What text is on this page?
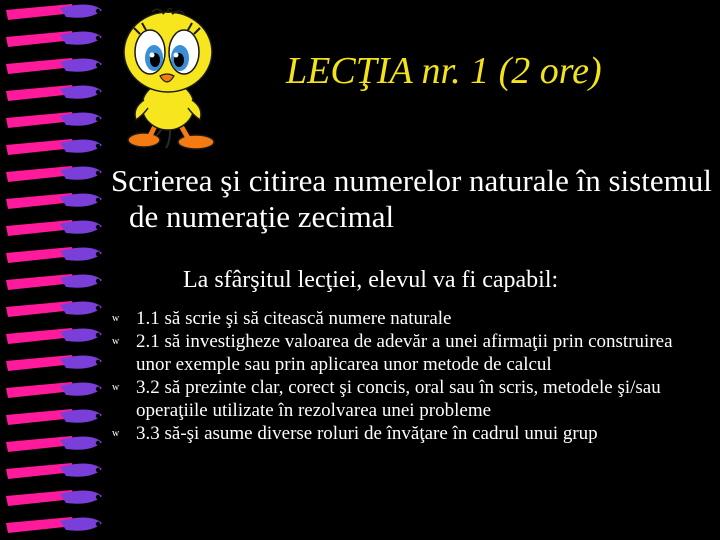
LECŢIA nr. 1 (2 ore)
Scrierea şi citirea numerelor naturale în sistemul de numeraţie zecimal
La sfârşitul lecţiei, elevul va fi capabil:
w 1.1 să scrie şi să citească numere naturale
w 2.1 să investigheze valoarea de adevăr a unei afirmaţii prin construirea unor exemple sau prin aplicarea unor metode de calcul
w 3.2 să prezinte clar, corect şi concis, oral sau în scris, metodele şi/sau operaţiile utilizate în rezolvarea unei probleme
w 3.3 să-şi asume diverse roluri de învăţare în cadrul unui grup
